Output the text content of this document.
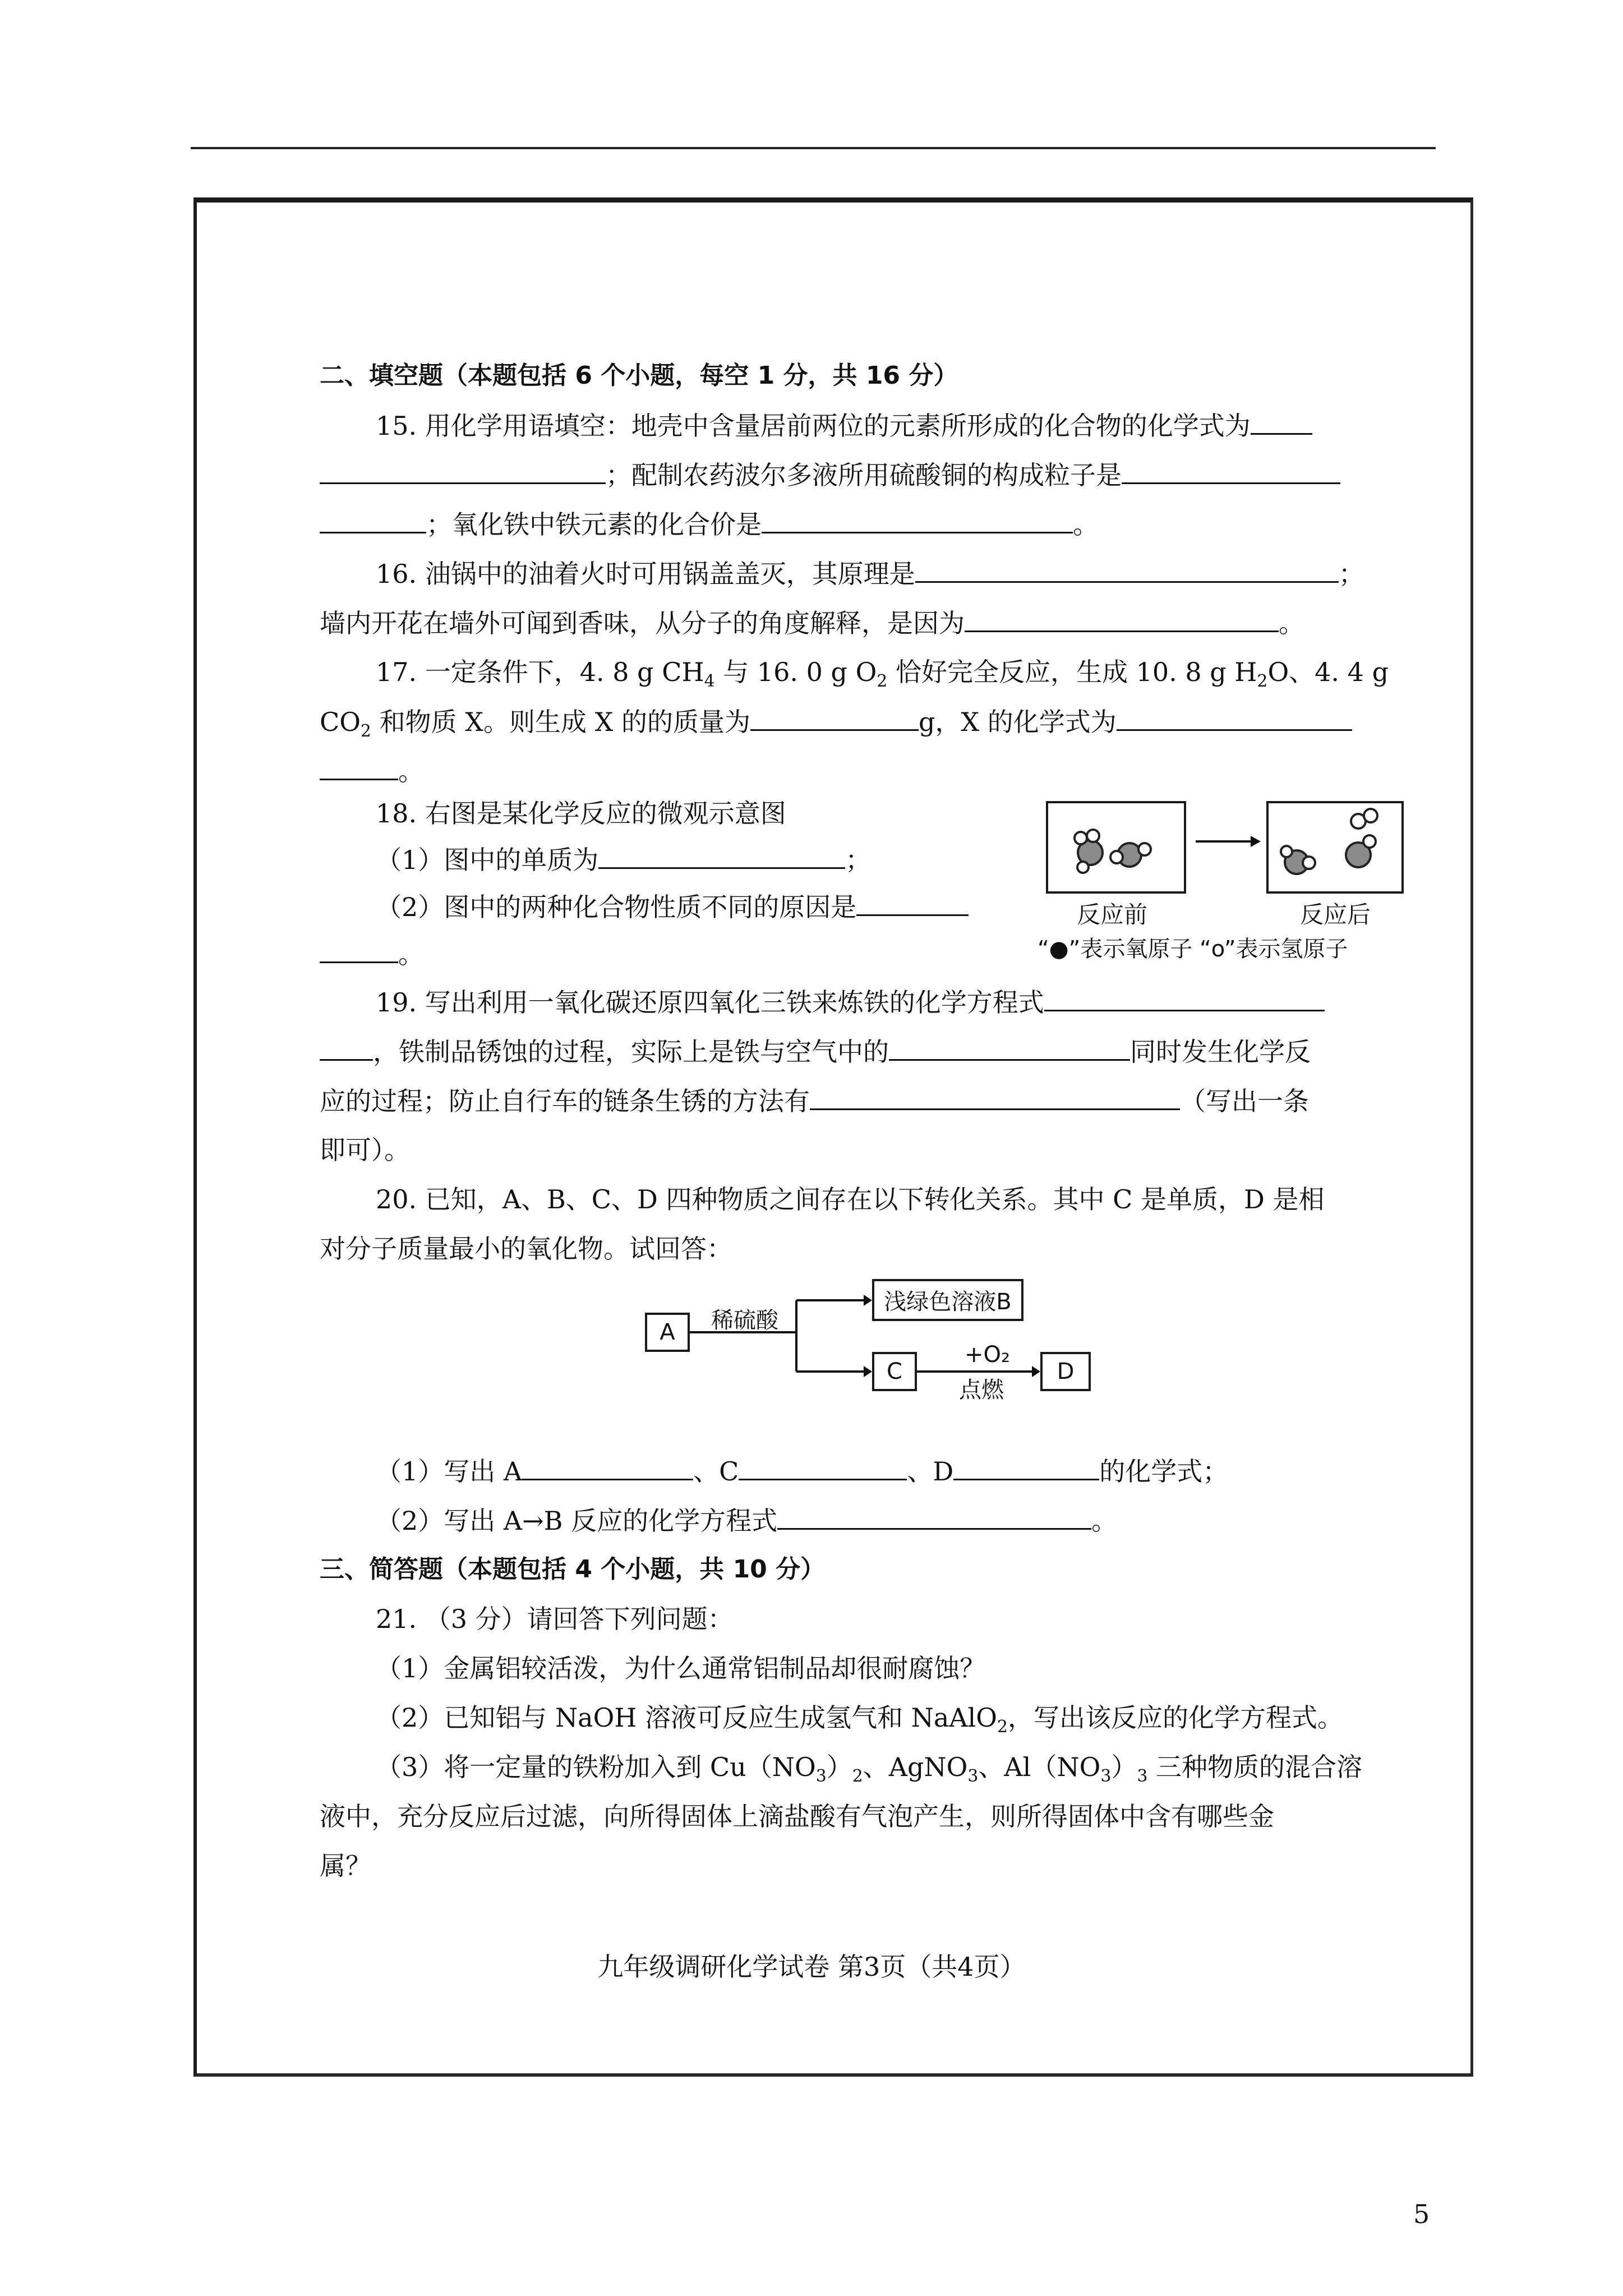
二、填空题（本题包括 6 个小题，每空 1 分，共 16 分）
15. 用化学用语填空：地壳中含量居前两位的元素所形成的化合物的化学式为
；配制农药波尔多液所用硫酸铜的构成粒子是
；氧化铁中铁元素的化合价是	。
16. 油锅中的油着火时可用锅盖盖灭，其原理是	；
墙内开花在墙外可闻到香味，从分子的角度解释，是因为	。
17. 一定条件下，4. 8 g $CH_4$ 与 16. 0 g $O_2$ 恰好完全反应，生成 10. 8 g $H_2O$、4. 4 g
$CO_2$ 和物质 X。则生成 X 的的质量为	g，X 的化学式为
。
18. 右图是某化学反应的微观示意图
（1）图中的单质为	；
（2）图中的两种化合物性质不同的原因是
。
反应前	反应后
“●”表示氧原子 “o”表示氢原子
19. 写出利用一氧化碳还原四氧化三铁来炼铁的化学方程式
，铁制品锈蚀的过程，实际上是铁与空气中的	同时发生化学反
应的过程；防止自行车的链条生锈的方法有	（写出一条
即可）。
20. 已知，A、B、C、D 四种物质之间存在以下转化关系。其中 C 是单质，D 是相
对分子质量最小的氧化物。试回答：
A	稀硫酸
浅绿色溶液B
C
+O₂
点燃
D
（1）写出 A	、C	、D	的化学式；
（2）写出 A→B 反应的化学方程式	。
三、简答题（本题包括 4 个小题，共 10 分）
21. （3 分）请回答下列问题：
（1）金属铝较活泼，为什么通常铝制品却很耐腐蚀？
（2）已知铝与 NaOH 溶液可反应生成氢气和 NaAlO$_2$，写出该反应的化学方程式。
（3）将一定量的铁粉加入到 $Cu(NO_3)_2$、AgNO$_3$、$Al(NO_3)_3$ 三种物质的混合溶
液中，充分反应后过滤，向所得固体上滴盐酸有气泡产生，则所得固体中含有哪些金
属？
九年级调研化学试卷 第3页（共4页）
5
